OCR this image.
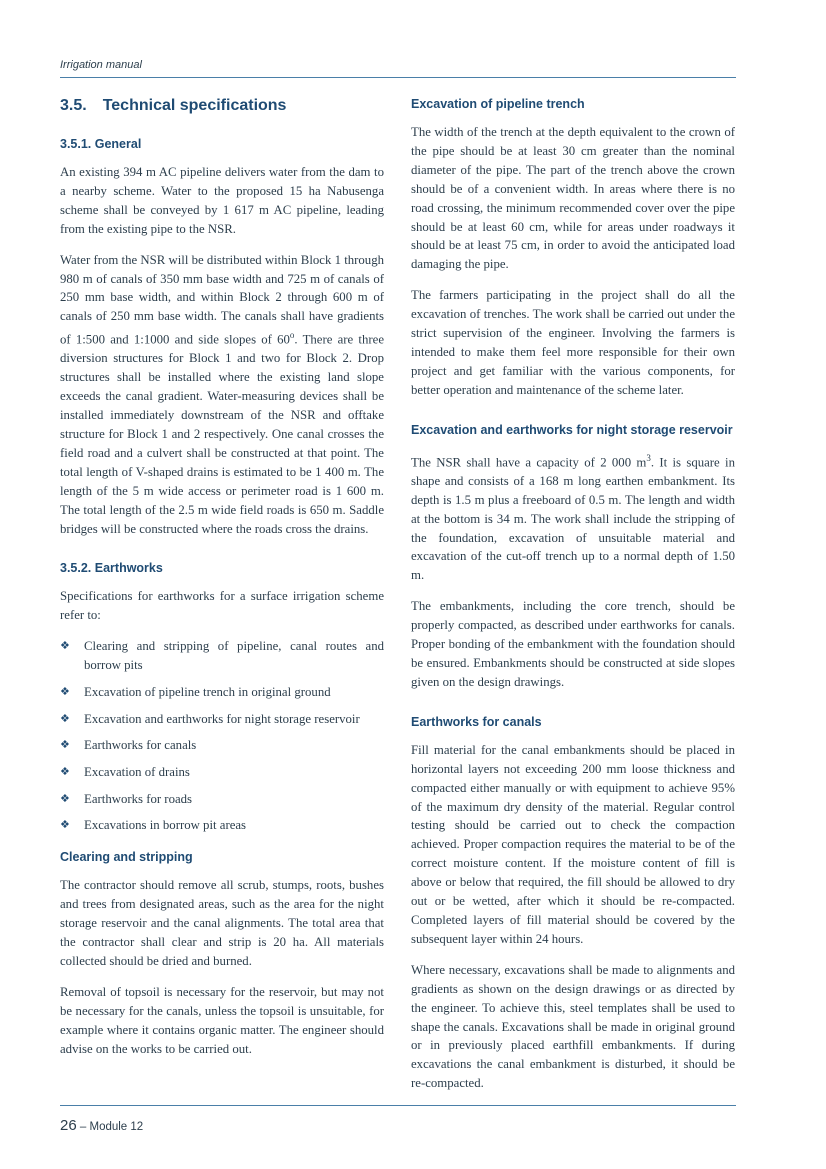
Irrigation manual
3.5. Technical specifications
3.5.1. General

An existing 394 m AC pipeline delivers water from the dam to a nearby scheme. Water to the proposed 15 ha Nabusenga scheme shall be conveyed by 1 617 m AC pipeline, leading from the existing pipe to the NSR.

Water from the NSR will be distributed within Block 1 through 980 m of canals of 350 mm base width and 725 m of canals of 250 mm base width, and within Block 2 through 600 m of canals of 250 mm base width. The canals shall have gradients of 1:500 and 1:1000 and side slopes of 60$^o$. There are three diversion structures for Block 1 and two for Block 2. Drop structures shall be installed where the existing land slope exceeds the canal gradient. Water-measuring devices shall be installed immediately downstream of the NSR and offtake structure for Block 1 and 2 respectively. One canal crosses the field road and a culvert shall be constructed at that point. The total length of V-shaped drains is estimated to be 1 400 m. The length of the 5 m wide access or perimeter road is 1 600 m. The total length of the 2.5 m wide field roads is 650 m. Saddle bridges will be constructed where the roads cross the drains.

3.5.2. Earthworks

Specifications for earthworks for a surface irrigation scheme refer to:

❖ Clearing and stripping of pipeline, canal routes and borrow pits
❖ Excavation of pipeline trench in original ground
❖ Excavation and earthworks for night storage reservoir
❖ Earthworks for canals
❖ Excavation of drains
❖ Earthworks for roads
❖ Excavations in borrow pit areas
Clearing and stripping

The contractor should remove all scrub, stumps, roots, bushes and trees from designated areas, such as the area for the night storage reservoir and the canal alignments. The total area that the contractor shall clear and strip is 20 ha. All materials collected should be dried and burned.

Removal of topsoil is necessary for the reservoir, but may not be necessary for the canals, unless the topsoil is unsuitable, for example where it contains organic matter. The engineer should advise on the works to be carried out.

Excavation of pipeline trench

The width of the trench at the depth equivalent to the crown of the pipe should be at least 30 cm greater than the nominal diameter of the pipe. The part of the trench above the crown should be of a convenient width. In areas where there is no road crossing, the minimum recommended cover over the pipe should be at least 60 cm, while for areas under roadways it should be at least 75 cm, in order to avoid the anticipated load damaging the pipe.

The farmers participating in the project shall do all the excavation of trenches. The work shall be carried out under the strict supervision of the engineer. Involving the farmers is intended to make them feel more responsible for their own project and get familiar with the various components, for better operation and maintenance of the scheme later.

Excavation and earthworks for night storage reservoir

The NSR shall have a capacity of 2 000 $m^3$. It is square in shape and consists of a 168 m long earthen embankment. Its depth is 1.5 m plus a freeboard of 0.5 m. The length and width at the bottom is 34 m. The work shall include the stripping of the foundation, excavation of unsuitable material and excavation of the cut-off trench up to a normal depth of 1.50 m.

The embankments, including the core trench, should be properly compacted, as described under earthworks for canals. Proper bonding of the embankment with the foundation should be ensured. Embankments should be constructed at side slopes given on the design drawings.

Earthworks for canals

Fill material for the canal embankments should be placed in horizontal layers not exceeding 200 mm loose thickness and compacted either manually or with equipment to achieve 95% of the maximum dry density of the material. Regular control testing should be carried out to check the compaction achieved. Proper compaction requires the material to be of the correct moisture content. If the moisture content of fill is above or below that required, the fill should be allowed to dry out or be wetted, after which it should be re-compacted. Completed layers of fill material should be covered by the subsequent layer within 24 hours.

Where necessary, excavations shall be made to alignments and gradients as shown on the design drawings or as directed by the engineer. To achieve this, steel templates shall be used to shape the canals. Excavations shall be made in original ground or in previously placed earthfill embankments. If during excavations the canal embankment is disturbed, it should be re-compacted.

26 – Module 12
